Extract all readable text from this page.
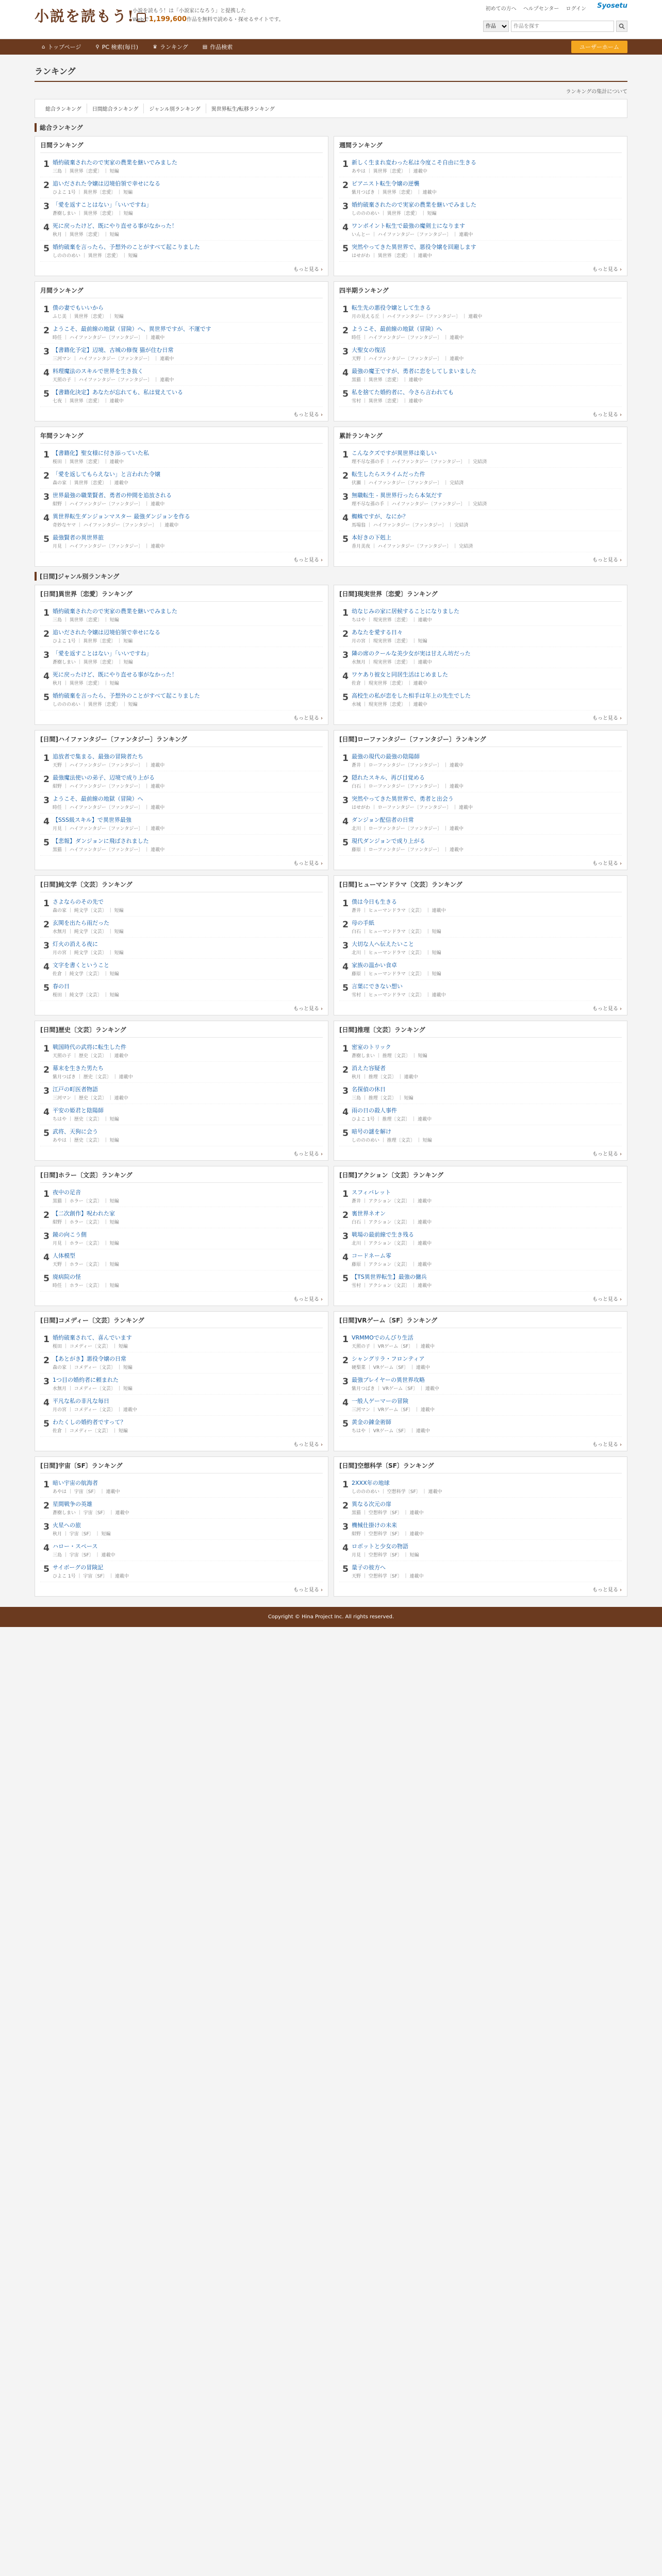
小説を読もう!
小説を読もう！は「小説家になろう」と提携した
Webで1,199,600作品を無料で読める・探せるサイトです。
初めての方へ ヘルプセンター ログイン Syosetu
作品
作品を探す
⌂ トップページ	⚲ PC 検索(毎日)	♛ ランキング	▤ 作品検索	ユーザーホーム
ランキング
ランキングの集計について
総合ランキング	日間総合ランキング	ジャンル別ランキング	異世界転生/転移ランキング
総合ランキング
日間ランキング
1 婚約破棄されたので実家の農業を継いでみました
三島 ｜ 異世界〔恋愛〕 ｜ 短編
2 追いだされた令嬢は辺境伯領で幸せになる
ひよこ 1号 ｜ 異世界〔恋愛〕 ｜ 短編
3 「愛を返すことはない」「いいですね」
蒼樹しまい ｜ 異世界〔恋愛〕 ｜ 短編
4 死に戻ったけど、既にやり直せる事がなかった！
秋月 ｜ 異世界〔恋愛〕 ｜ 短編
5 婚約破棄を言ったら、予想外のことがすべて起こりました
しのののめい ｜ 異世界〔恋愛〕 ｜ 短編
もっと見る ›
週間ランキング
1 新しく生まれ変わった私は今度こそ自由に生きる
あやは ｜ 異世界〔恋愛〕 ｜ 連載中
2 ピアニスト転生令嬢の逆襲
紫月つばき ｜ 異世界〔恋愛〕 ｜ 連載中
3 婚約破棄されたので実家の農業を継いでみました
しのののめい ｜ 異世界〔恋愛〕 ｜ 短編
4 ワンポイント転生で最強の魔剣士になります
いんとー ｜ ハイファンタジー〔ファンタジー〕 ｜ 連載中
5 突然やってきた異世界で、悪役令嬢を回避します
はせがわ ｜ 異世界〔恋愛〕 ｜ 連載中
もっと見る ›
月間ランキング
1 僕の妻でもいいから
ふじ美 ｜ 異世界〔恋愛〕 ｜ 短編
2 ようこそ、最前線の地獄（冒険）へ、異世界ですが、不運です
時任 ｜ ハイファンタジー〔ファンタジー〕 ｜ 連載中
3 【書籍化予定】辺境、古城の修復 猫が住む日常
三河マン ｜ ハイファンタジー〔ファンタジー〕 ｜ 連載中
4 料理魔法のスキルで世界を生き抜く
天照の子 ｜ ハイファンタジー〔ファンタジー〕 ｜ 連載中
5 【書籍化決定】あなたが忘れても、私は覚えている
七夜 ｜ 異世界〔恋愛〕 ｜ 連載中
もっと見る ›
四半期ランキング
1 転生先の悪役令嬢として生きる
月の見える丘 ｜ ハイファンタジー〔ファンタジー〕 ｜ 連載中
2 ようこそ、最前線の地獄（冒険）へ
時任 ｜ ハイファンタジー〔ファンタジー〕 ｜ 連載中
3 大聖女の復活
天野 ｜ ハイファンタジー〔ファンタジー〕 ｜ 連載中
4 最強の魔王ですが、勇者に恋をしてしまいました
黒猫 ｜ 異世界〔恋愛〕 ｜ 連載中
5 私を捨てた婚約者に、今さら言われても
雪村 ｜ 異世界〔恋愛〕 ｜ 連載中
もっと見る ›
年間ランキング
1 【書籍化】聖女様に付き添っていた私
桜田 ｜ 異世界〔恋愛〕 ｜ 連載中
2 「愛を返してもらえない」と言われた令嬢
森の家 ｜ 異世界〔恋愛〕 ｜ 連載中
3 世界最強の職業賢者、勇者の仲間を追放される
紺野 ｜ ハイファンタジー〔ファンタジー〕 ｜ 連載中
4 異世界転生ダンジョンマスター 最強ダンジョンを作る
奇妙なヤマ ｜ ハイファンタジー〔ファンタジー〕 ｜ 連載中
5 最強賢者の異世界旅
月見 ｜ ハイファンタジー〔ファンタジー〕 ｜ 連載中
もっと見る ›
累計ランキング
1 こんなクズですが異世界は楽しい
理不尽な孫の手 ｜ ハイファンタジー〔ファンタジー〕 ｜ 完結済
2 転生したらスライムだった件
伏瀬 ｜ ハイファンタジー〔ファンタジー〕 ｜ 完結済
3 無職転生 - 異世界行ったら本気だす
理不尽な孫の手 ｜ ハイファンタジー〔ファンタジー〕 ｜ 完結済
4 蜘蛛ですが、なにか？
馬場翁 ｜ ハイファンタジー〔ファンタジー〕 ｜ 完結済
5 本好きの下剋上
香月美夜 ｜ ハイファンタジー〔ファンタジー〕 ｜ 完結済
もっと見る ›
[日間]ジャンル別ランキング
[日間]異世界〔恋愛〕ランキング
1 婚約破棄されたので実家の農業を継いでみました
三島 ｜ 異世界〔恋愛〕 ｜ 短編
2 追いだされた令嬢は辺境伯領で幸せになる
ひよこ 1号 ｜ 異世界〔恋愛〕 ｜ 短編
3 「愛を返すことはない」「いいですね」
蒼樹しまい ｜ 異世界〔恋愛〕 ｜ 短編
4 死に戻ったけど、既にやり直せる事がなかった！
秋月 ｜ 異世界〔恋愛〕 ｜ 短編
5 婚約破棄を言ったら、予想外のことがすべて起こりました
しのののめい ｜ 異世界〔恋愛〕 ｜ 短編
もっと見る ›
[日間]現実世界〔恋愛〕ランキング
1 幼なじみの家に居候することになりました
ちはや ｜ 現実世界〔恋愛〕 ｜ 連載中
2 あなたを愛する日々
月の宮 ｜ 現実世界〔恋愛〕 ｜ 短編
3 隣の席のクールな美少女が実は甘えん坊だった
水無月 ｜ 現実世界〔恋愛〕 ｜ 連載中
4 ワケあり彼女と同居生活はじめました
佐倉 ｜ 現実世界〔恋愛〕 ｜ 連載中
5 高校生の私が恋をした相手は年上の先生でした
水城 ｜ 現実世界〔恋愛〕 ｜ 連載中
もっと見る ›
[日間]ハイファンタジー〔ファンタジー〕ランキング
1 追放者で集まる、最強の冒険者たち
天野 ｜ ハイファンタジー〔ファンタジー〕 ｜ 連載中
2 最強魔法使いの弟子、辺境で成り上がる
紺野 ｜ ハイファンタジー〔ファンタジー〕 ｜ 連載中
3 ようこそ、最前線の地獄（冒険）へ
時任 ｜ ハイファンタジー〔ファンタジー〕 ｜ 連載中
4 【SSS級スキル】で異世界最強
月見 ｜ ハイファンタジー〔ファンタジー〕 ｜ 連載中
5 【悲報】ダンジョンに飛ばされました
黒猫 ｜ ハイファンタジー〔ファンタジー〕 ｜ 連載中
もっと見る ›
[日間]ローファンタジー〔ファンタジー〕ランキング
1 最強の現代の最強の陰陽師
蒼井 ｜ ローファンタジー〔ファンタジー〕 ｜ 連載中
2 隠れたスキル、再び目覚める
白石 ｜ ローファンタジー〔ファンタジー〕 ｜ 連載中
3 突然やってきた異世界で、勇者と出会う
はせがわ ｜ ローファンタジー〔ファンタジー〕 ｜ 連載中
4 ダンジョン配信者の日常
北川 ｜ ローファンタジー〔ファンタジー〕 ｜ 連載中
5 現代ダンジョンで成り上がる
藤原 ｜ ローファンタジー〔ファンタジー〕 ｜ 連載中
もっと見る ›
[日間]純文学〔文芸〕ランキング
1 さよならのその先で
森の家 ｜ 純文学〔文芸〕 ｜ 短編
2 玄関を出たら雨だった
水無月 ｜ 純文学〔文芸〕 ｜ 短編
3 灯火の消える夜に
月の宮 ｜ 純文学〔文芸〕 ｜ 短編
4 文字を書くということ
佐倉 ｜ 純文学〔文芸〕 ｜ 短編
5 春の日
桜田 ｜ 純文学〔文芸〕 ｜ 短編
もっと見る ›
[日間]ヒューマンドラマ〔文芸〕ランキング
1 僕は今日も生きる
蒼井 ｜ ヒューマンドラマ〔文芸〕 ｜ 連載中
2 母の手紙
白石 ｜ ヒューマンドラマ〔文芸〕 ｜ 短編
3 大切な人へ伝えたいこと
北川 ｜ ヒューマンドラマ〔文芸〕 ｜ 短編
4 家族の温かい食卓
藤原 ｜ ヒューマンドラマ〔文芸〕 ｜ 短編
5 言葉にできない想い
雪村 ｜ ヒューマンドラマ〔文芸〕 ｜ 連載中
もっと見る ›
[日間]歴史〔文芸〕ランキング
1 戦国時代の武将に転生した件
天照の子 ｜ 歴史〔文芸〕 ｜ 連載中
2 幕末を生きた男たち
紫月つばき ｜ 歴史〔文芸〕 ｜ 連載中
3 江戸の町医者物語
三河マン ｜ 歴史〔文芸〕 ｜ 連載中
4 平安の姫君と陰陽師
ちはや ｜ 歴史〔文芸〕 ｜ 短編
5 武将、天狗に会う
あやは ｜ 歴史〔文芸〕 ｜ 短編
もっと見る ›
[日間]推理〔文芸〕ランキング
1 密室のトリック
蒼樹しまい ｜ 推理〔文芸〕 ｜ 短編
2 消えた容疑者
秋月 ｜ 推理〔文芸〕 ｜ 連載中
3 名探偵の休日
三島 ｜ 推理〔文芸〕 ｜ 短編
4 雨の日の殺人事件
ひよこ 1号 ｜ 推理〔文芸〕 ｜ 連載中
5 暗号の謎を解け
しのののめい ｜ 推理〔文芸〕 ｜ 短編
もっと見る ›
[日間]ホラー〔文芸〕ランキング
1 夜中の足音
黒猫 ｜ ホラー〔文芸〕 ｜ 短編
2 【二次創作】呪われた家
紺野 ｜ ホラー〔文芸〕 ｜ 短編
3 鏡の向こう側
月見 ｜ ホラー〔文芸〕 ｜ 短編
4 人体模型
天野 ｜ ホラー〔文芸〕 ｜ 短編
5 廃病院の怪
時任 ｜ ホラー〔文芸〕 ｜ 短編
もっと見る ›
[日間]アクション〔文芸〕ランキング
1 スフィバレット
蒼井 ｜ アクション〔文芸〕 ｜ 連載中
2 裏世界ネオン
白石 ｜ アクション〔文芸〕 ｜ 連載中
3 戦場の最前線で生き残る
北川 ｜ アクション〔文芸〕 ｜ 連載中
4 コードネーム零
藤原 ｜ アクション〔文芸〕 ｜ 連載中
5 【TS異世界転生】最強の傭兵
雪村 ｜ アクション〔文芸〕 ｜ 連載中
もっと見る ›
[日間]コメディー〔文芸〕ランキング
1 婚約破棄されて、喜んでいます
桜田 ｜ コメディー〔文芸〕 ｜ 短編
2 【あとがき】悪役令嬢の日常
森の家 ｜ コメディー〔文芸〕 ｜ 短編
3 1つ目の婚約者に頼まれた
水無月 ｜ コメディー〔文芸〕 ｜ 短編
4 平凡な私の非凡な毎日
月の宮 ｜ コメディー〔文芸〕 ｜ 連載中
5 わたくしの婚約者ですって？
佐倉 ｜ コメディー〔文芸〕 ｜ 短編
もっと見る ›
[日間]VRゲーム〔SF〕ランキング
1 VRMMOでのんびり生活
天照の子 ｜ VRゲーム〔SF〕 ｜ 連載中
2 シャングリラ・フロンティア
硬梨菜 ｜ VRゲーム〔SF〕 ｜ 連載中
3 最強プレイヤーの異世界攻略
紫月つばき ｜ VRゲーム〔SF〕 ｜ 連載中
4 一般人ゲーマーの冒険
三河マン ｜ VRゲーム〔SF〕 ｜ 連載中
5 黄金の錬金術師
ちはや ｜ VRゲーム〔SF〕 ｜ 連載中
もっと見る ›
[日間]宇宙〔SF〕ランキング
1 暗い宇宙の航海者
あやは ｜ 宇宙〔SF〕 ｜ 連載中
2 星間戦争の英雄
蒼樹しまい ｜ 宇宙〔SF〕 ｜ 連載中
3 火星への旅
秋月 ｜ 宇宙〔SF〕 ｜ 短編
4 ハロー・スペース
三島 ｜ 宇宙〔SF〕 ｜ 連載中
5 サイボーグの冒険記
ひよこ 1号 ｜ 宇宙〔SF〕 ｜ 連載中
もっと見る ›
[日間]空想科学〔SF〕ランキング
1 2XXX年の地球
しのののめい ｜ 空想科学〔SF〕 ｜ 連載中
2 異なる次元の扉
黒猫 ｜ 空想科学〔SF〕 ｜ 連載中
3 機械仕掛けの未来
紺野 ｜ 空想科学〔SF〕 ｜ 連載中
4 ロボットと少女の物語
月見 ｜ 空想科学〔SF〕 ｜ 短編
5 量子の彼方へ
天野 ｜ 空想科学〔SF〕 ｜ 連載中
もっと見る ›
Copyright © Hina Project Inc. All rights reserved.
